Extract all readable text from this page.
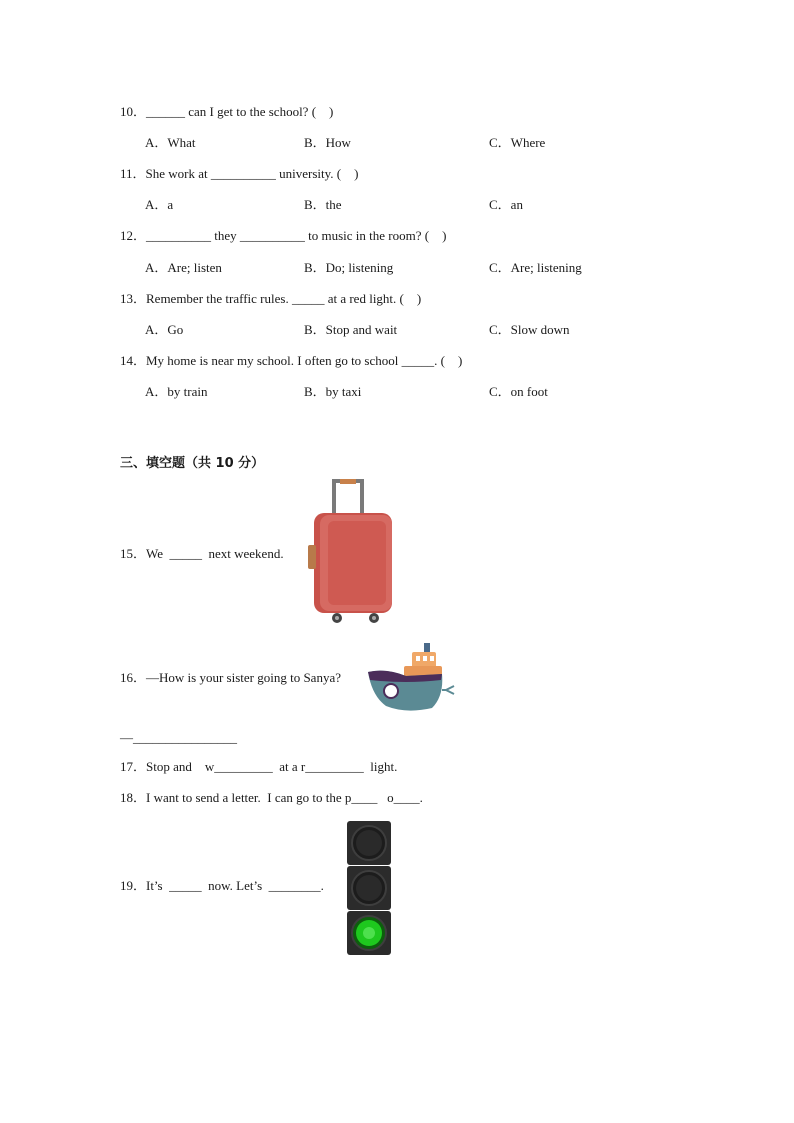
10．______ can I get to the school? (    )
A．What	B．How	C．Where
11．She work at __________ university. (    )
A．a	B．the	C．an
12．__________ they __________ to music in the room? (    )
A．Are; listen	B．Do; listening	C．Are; listening
13．Remember the traffic rules. _____ at a red light. (    )
A．Go	B．Stop and wait	C．Slow down
14．My home is near my school. I often go to school _____. (    )
A．by train	B．by taxi	C．on foot
三、填空题（共 10 分）
15．We  _____  next weekend.
16．—How is your sister going to Sanya?
—________________
17．Stop and    w_________  at a r_________  light.
18．I want to send a letter.  I can go to the p____   o____.
19．It’s  _____  now. Let’s  ________.
